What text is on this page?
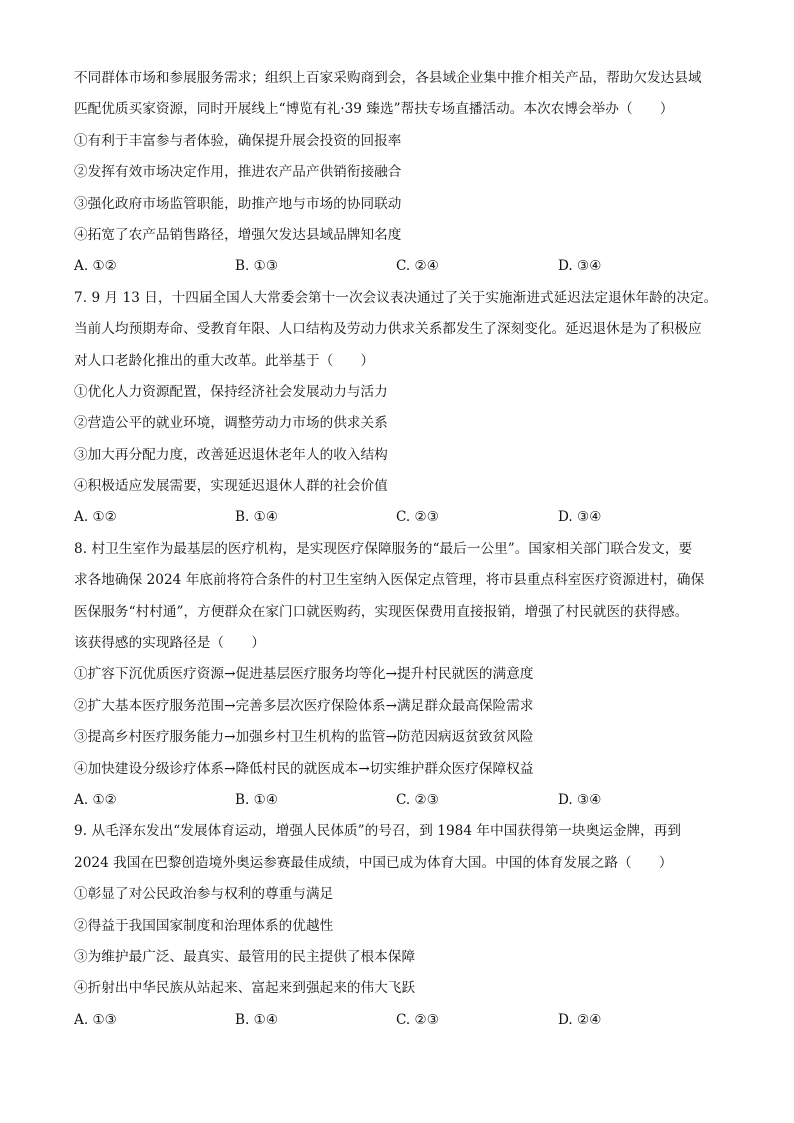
不同群体市场和参展服务需求；组织上百家采购商到会，各县域企业集中推介相关产品，帮助欠发达县域
匹配优质买家资源，同时开展线上“博览有礼·39 臻选”帮扶专场直播活动。本次农博会举办（　　）
①有利于丰富参与者体验，确保提升展会投资的回报率
②发挥有效市场决定作用，推进农产品产供销衔接融合
③强化政府市场监管职能，助推产地与市场的协同联动
④拓宽了农产品销售路径，增强欠发达县域品牌知名度
A. ①②	B. ①③	C. ②④	D. ③④
7. 9 月 13 日，十四届全国人大常委会第十一次会议表决通过了关于实施渐进式延迟法定退休年龄的决定。
当前人均预期寿命、受教育年限、人口结构及劳动力供求关系都发生了深刻变化。延迟退休是为了积极应
对人口老龄化推出的重大改革。此举基于（　　）
①优化人力资源配置，保持经济社会发展动力与活力
②营造公平的就业环境，调整劳动力市场的供求关系
③加大再分配力度，改善延迟退休老年人的收入结构
④积极适应发展需要，实现延迟退休人群的社会价值
A. ①②	B. ①④	C. ②③	D. ③④
8. 村卫生室作为最基层的医疗机构，是实现医疗保障服务的“最后一公里”。国家相关部门联合发文，要
求各地确保 2024 年底前将符合条件的村卫生室纳入医保定点管理，将市县重点科室医疗资源进村，确保
医保服务“村村通”，方便群众在家门口就医购药，实现医保费用直接报销，增强了村民就医的获得感。
该获得感的实现路径是（　　）
①扩容下沉优质医疗资源→促进基层医疗服务均等化→提升村民就医的满意度
②扩大基本医疗服务范围→完善多层次医疗保险体系→满足群众最高保险需求
③提高乡村医疗服务能力→加强乡村卫生机构的监管→防范因病返贫致贫风险
④加快建设分级诊疗体系→降低村民的就医成本→切实维护群众医疗保障权益
A. ①②	B. ①④	C. ②③	D. ③④
9. 从毛泽东发出“发展体育运动，增强人民体质”的号召，到 1984 年中国获得第一块奥运金牌，再到
2024 我国在巴黎创造境外奥运参赛最佳成绩，中国已成为体育大国。中国的体育发展之路（　　）
①彰显了对公民政治参与权利的尊重与满足
②得益于我国国家制度和治理体系的优越性
③为维护最广泛、最真实、最管用的民主提供了根本保障
④折射出中华民族从站起来、富起来到强起来的伟大飞跃
A. ①③	B. ①④	C. ②③	D. ②④
